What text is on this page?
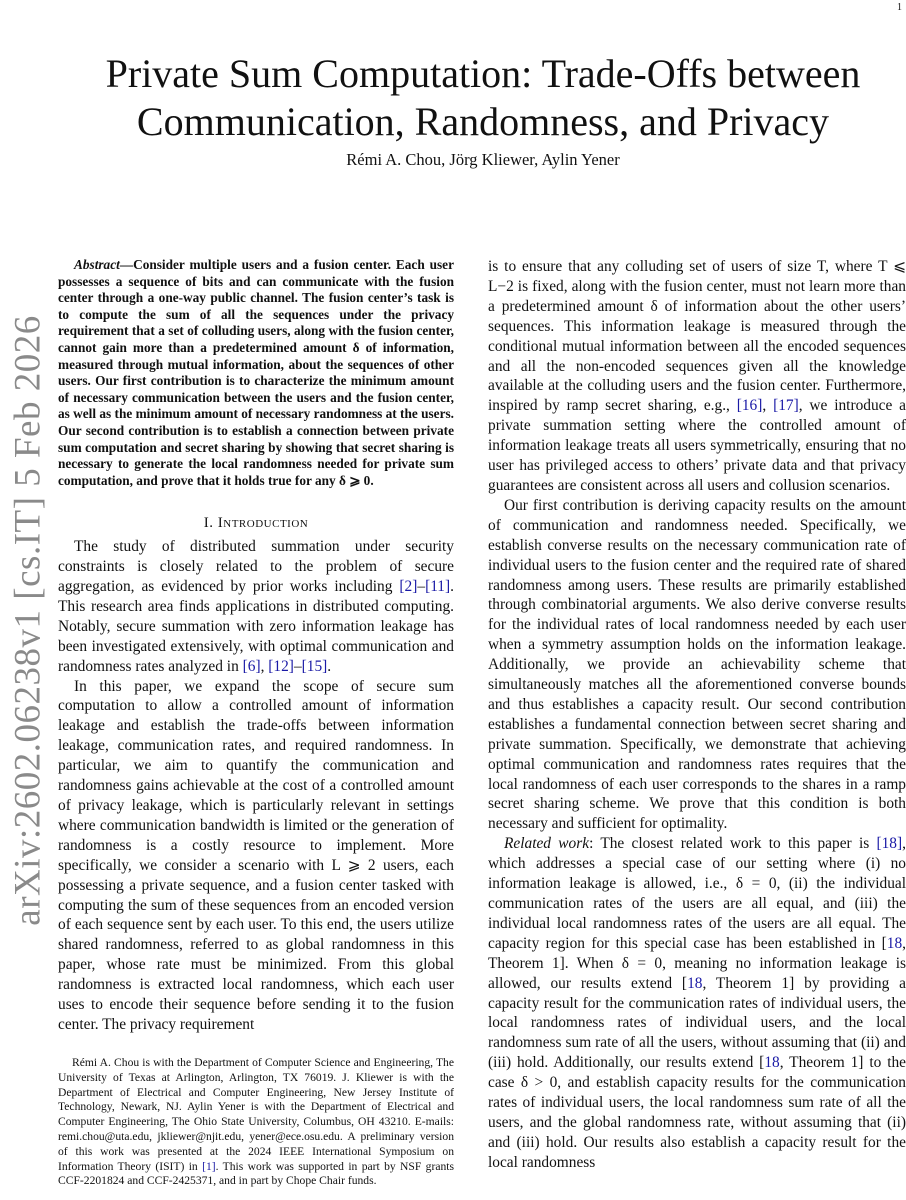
1
arXiv:2602.06238v1 [cs.IT] 5 Feb 2026
Private Sum Computation: Trade-Offs between
Communication, Randomness, and Privacy
Rémi A. Chou, Jörg Kliewer, Aylin Yener

Abstract—Consider multiple users and a fusion center. Each user possesses a sequence of bits and can communicate with the fusion center through a one-way public channel. The fusion center’s task is to compute the sum of all the sequences under the privacy requirement that a set of colluding users, along with the fusion center, cannot gain more than a predetermined amount δ of information, measured through mutual information, about the sequences of other users. Our first contribution is to characterize the minimum amount of necessary communication between the users and the fusion center, as well as the minimum amount of necessary randomness at the users. Our second contribution is to establish a connection between private sum computation and secret sharing by showing that secret sharing is necessary to generate the local randomness needed for private sum computation, and prove that it holds true for any δ ⩾ 0.

I. Introduction

The study of distributed summation under security constraints is closely related to the problem of secure aggregation, as evidenced by prior works including [2]–[11]. This research area finds applications in distributed computing. Notably, secure summation with zero information leakage has been investigated extensively, with optimal communication and randomness rates analyzed in [6], [12]–[15].

In this paper, we expand the scope of secure sum computation to allow a controlled amount of information leakage and establish the trade-offs between information leakage, communication rates, and required randomness. In particular, we aim to quantify the communication and randomness gains achievable at the cost of a controlled amount of privacy leakage, which is particularly relevant in settings where communication bandwidth is limited or the generation of randomness is a costly resource to implement. More specifically, we consider a scenario with L ⩾ 2 users, each possessing a private sequence, and a fusion center tasked with computing the sum of these sequences from an encoded version of each sequence sent by each user. To this end, the users utilize shared randomness, referred to as global randomness in this paper, whose rate must be minimized. From this global randomness is extracted local randomness, which each user uses to encode their sequence before sending it to the fusion center. The privacy requirement

Rémi A. Chou is with the Department of Computer Science and Engineering, The University of Texas at Arlington, Arlington, TX 76019. J. Kliewer is with the Department of Electrical and Computer Engineering, New Jersey Institute of Technology, Newark, NJ. Aylin Yener is with the Department of Electrical and Computer Engineering, The Ohio State University, Columbus, OH 43210. E-mails: remi.chou@uta.edu, jkliewer@njit.edu, yener@ece.osu.edu. A preliminary version of this work was presented at the 2024 IEEE International Symposium on Information Theory (ISIT) in [1]. This work was supported in part by NSF grants CCF-2201824 and CCF-2425371, and in part by Chope Chair funds.

is to ensure that any colluding set of users of size T, where T ⩽ L−2 is fixed, along with the fusion center, must not learn more than a predetermined amount δ of information about the other users’ sequences. This information leakage is measured through the conditional mutual information between all the encoded sequences and all the non-encoded sequences given all the knowledge available at the colluding users and the fusion center. Furthermore, inspired by ramp secret sharing, e.g., [16], [17], we introduce a private summation setting where the controlled amount of information leakage treats all users symmetrically, ensuring that no user has privileged access to others’ private data and that privacy guarantees are consistent across all users and collusion scenarios.

Our first contribution is deriving capacity results on the amount of communication and randomness needed. Specifically, we establish converse results on the necessary communication rate of individual users to the fusion center and the required rate of shared randomness among users. These results are primarily established through combinatorial arguments. We also derive converse results for the individual rates of local randomness needed by each user when a symmetry assumption holds on the information leakage. Additionally, we provide an achievability scheme that simultaneously matches all the aforementioned converse bounds and thus establishes a capacity result. Our second contribution establishes a fundamental connection between secret sharing and private summation. Specifically, we demonstrate that achieving optimal communication and randomness rates requires that the local randomness of each user corresponds to the shares in a ramp secret sharing scheme. We prove that this condition is both necessary and sufficient for optimality.

Related work: The closest related work to this paper is [18], which addresses a special case of our setting where (i) no information leakage is allowed, i.e., δ = 0, (ii) the individual communication rates of the users are all equal, and (iii) the individual local randomness rates of the users are all equal. The capacity region for this special case has been established in [18, Theorem 1]. When δ = 0, meaning no information leakage is allowed, our results extend [18, Theorem 1] by providing a capacity result for the communication rates of individual users, the local randomness rates of individual users, and the local randomness sum rate of all the users, without assuming that (ii) and (iii) hold. Additionally, our results extend [18, Theorem 1] to the case δ > 0, and establish capacity results for the communication rates of individual users, the local randomness sum rate of all the users, and the global randomness rate, without assuming that (ii) and (iii) hold. Our results also establish a capacity result for the local randomness
